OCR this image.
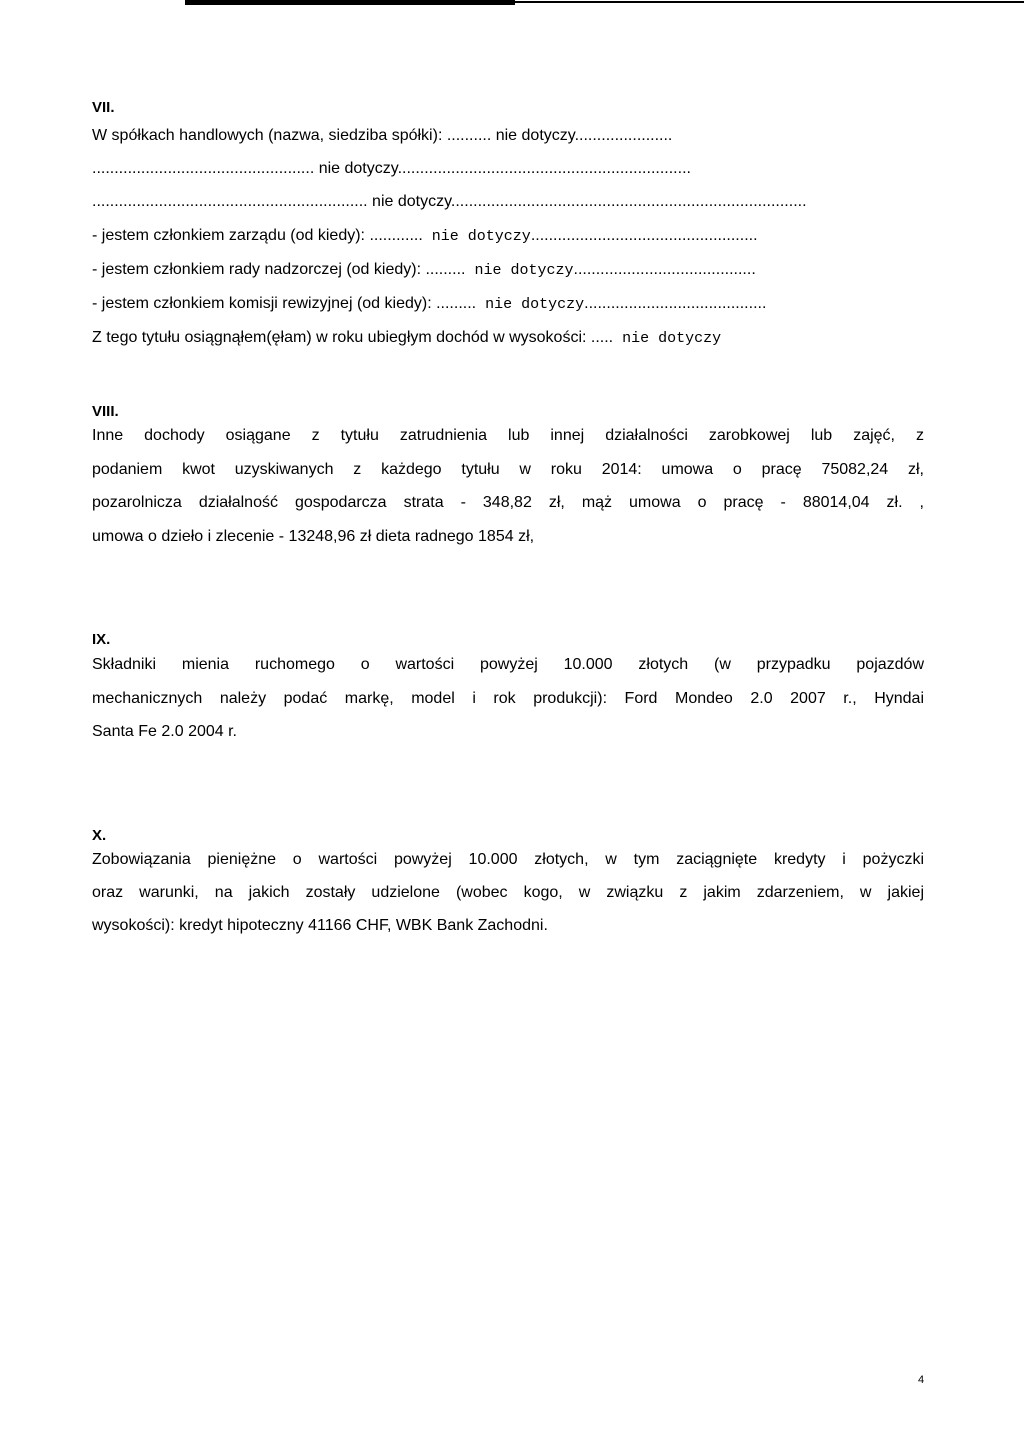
VII.
W spółkach handlowych (nazwa, siedziba spółki): .......... nie dotyczy......................
.................................................. nie dotyczy..................................................................
.............................................................. nie dotyczy................................................................................
- jestem członkiem zarządu (od kiedy): ............ nie dotyczy...................................................
- jestem członkiem rady nadzorczej (od kiedy): ......... nie dotyczy.........................................
- jestem członkiem komisji rewizyjnej (od kiedy): ......... nie dotyczy.........................................
Z tego tytułu osiągnąłem(ęłam) w roku ubiegłym dochód w wysokości: ..... nie dotyczy
VIII.
Inne dochody osiągane z tytułu zatrudnienia lub innej działalności zarobkowej lub zajęć, z
podaniem kwot uzyskiwanych z każdego tytułu w roku 2014: umowa o pracę 75082,24 zł,
pozarolnicza działalność gospodarcza strata - 348,82 zł, mąż umowa o pracę - 88014,04 zł. ,
umowa o dzieło i zlecenie - 13248,96 zł dieta radnego 1854 zł,
IX.
Składniki mienia ruchomego o wartości powyżej 10.000 złotych (w przypadku pojazdów
mechanicznych należy podać markę, model i rok produkcji): Ford Mondeo 2.0 2007 r., Hyndai
Santa Fe 2.0 2004 r.
X.
Zobowiązania pieniężne o wartości powyżej 10.000 złotych, w tym zaciągnięte kredyty i pożyczki
oraz warunki, na jakich zostały udzielone (wobec kogo, w związku z jakim zdarzeniem, w jakiej
wysokości): kredyt hipoteczny 41166 CHF, WBK Bank Zachodni.
4
